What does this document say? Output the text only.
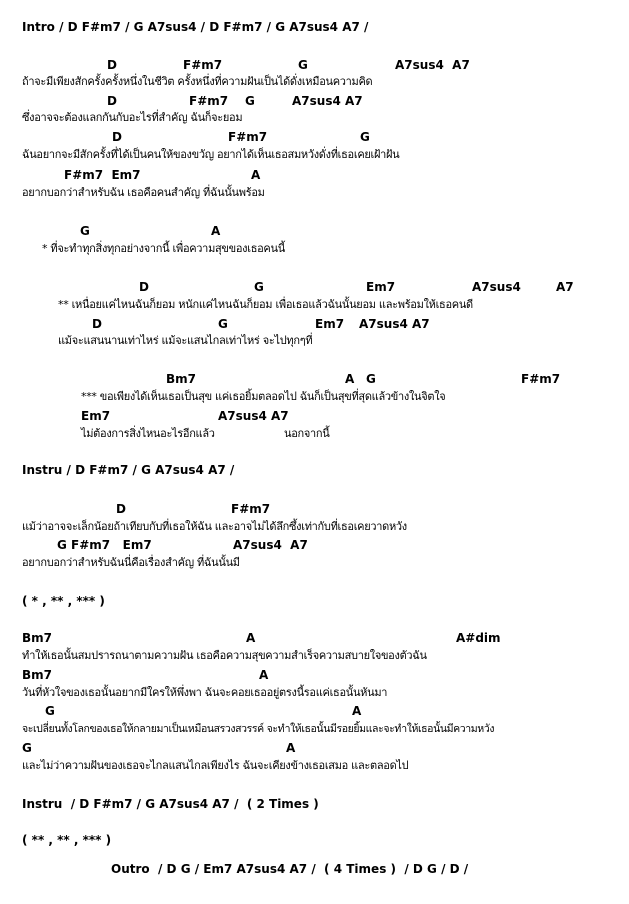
Intro / D F#m7 / G A7sus4 / D F#m7 / G A7sus4 A7 /
D	F#m7	G	A7sus4  A7
ถ้าจะมีเพียงสักครั้งครั้งหนึ่งในชีวิต ครั้งหนึ่งที่ความฝันเป็นได้ดั่งเหมือนความคิด
D	F#m7 G	A7sus4 A7
ซึ่งอาจจะต้องแลกกันกับอะไรที่สำคัญ ฉันก็จะยอม
D	F#m7	G
ฉันอยากจะมีสักครั้งที่ได้เป็นคนให้ของขวัญ อยากได้เห็นเธอสมหวังดั่งที่เธอเคยเฝ้าฝัน
F#m7  Em7	A
อยากบอกว่าสำหรับฉัน เธอคือคนสำคัญ ที่ฉันนั้นพร้อม
G	A
* ที่จะทำทุกสิ่งทุกอย่างจากนี้ เพื่อความสุขของเธอคนนี้
D	G	Em7	A7sus4	A7
** เหนื่อยแค่ไหนฉันก็ยอม หนักแค่ไหนฉันก็ยอม เพื่อเธอแล้วฉันนั้นยอม และพร้อมให้เธอคนดี
D	G	Em7 A7sus4 A7
แม้จะแสนนานเท่าไหร่ แม้จะแสนไกลเท่าไหร่ จะไปทุกๆที่
Bm7	A G	F#m7
*** ขอเพียงได้เห็นเธอเป็นสุข แค่เธอยิ้มตลอดไป ฉันก็เป็นสุขที่สุดแล้วข้างในจิตใจ
Em7	A7sus4 A7
ไม่ต้องการสิ่งไหนอะไรอีกแล้ว	นอกจากนี้
Instru / D F#m7 / G A7sus4 A7 /
D	F#m7
แม้ว่าอาจจะเล็กน้อยถ้าเทียบกับที่เธอให้ฉัน และอาจไม่ได้ลึกซึ้งเท่ากับที่เธอเคยวาดหวัง
G F#m7   Em7	A7sus4  A7
อยากบอกว่าสำหรับฉันนี่คือเรื่องสำคัญ ที่ฉันนั้นมี
( * , ** , *** )
Bm7	A	A#dim
ทำให้เธอนั้นสมปรารถนาตามความฝัน เธอคือความสุขความสำเร็จความสบายใจของตัวฉัน
Bm7	A
วันที่หัวใจของเธอนั้นอยากมีใครให้พึ่งพา ฉันจะคอยเธออยู่ตรงนี้รอแค่เธอนั้นหันมา
G	A
จะเปลี่ยนทั้งโลกของเธอให้กลายมาเป็นเหมือนสรวงสวรรค์ จะทำให้เธอนั้นมีรอยยิ้มและจะทำให้เธอนั้นมีความหวัง
G	A
และไม่ว่าความฝันของเธอจะไกลแสนไกลเพียงไร ฉันจะเคียงข้างเธอเสมอ และตลอดไป
Instru  / D F#m7 / G A7sus4 A7 /  ( 2 Times )
( ** , ** , *** )
Outro  / D G / Em7 A7sus4 A7 /  ( 4 Times )  / D G / D /
